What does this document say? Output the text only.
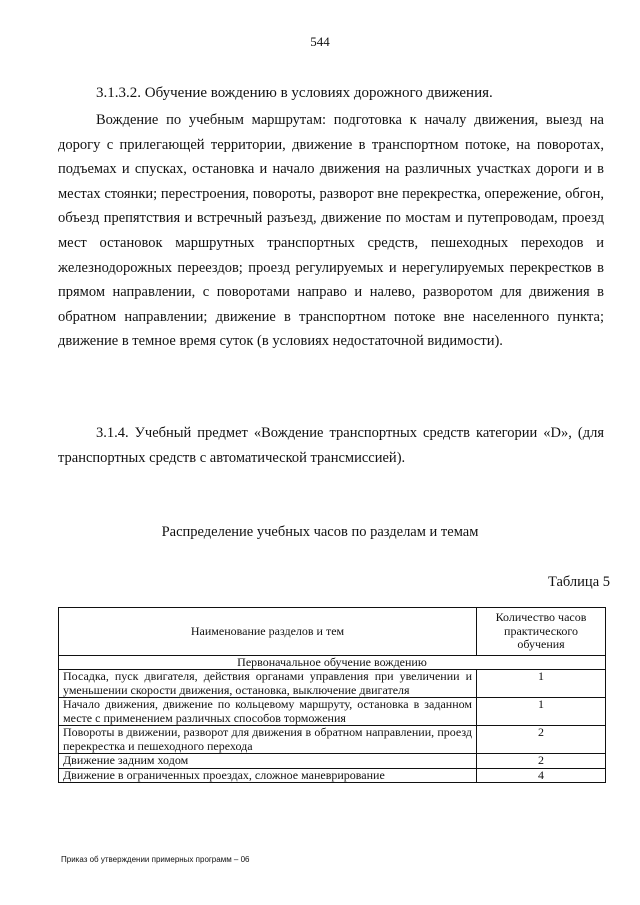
544
3.1.3.2. Обучение вождению в условиях дорожного движения.

Вождение по учебным маршрутам: подготовка к началу движения, выезд на дорогу с прилегающей территории, движение в транспортном потоке, на поворотах, подъемах и спусках, остановка и начало движения на различных участках дороги и в местах стоянки; перестроения, повороты, разворот вне перекрестка, опережение, обгон, объезд препятствия и встречный разъезд, движение по мостам и путепроводам, проезд мест остановок маршрутных транспортных средств, пешеходных переходов и железнодорожных переездов; проезд регулируемых и нерегулируемых перекрестков в прямом направлении, с поворотами направо и налево, разворотом для движения в обратном направлении; движение в транспортном потоке вне населенного пункта; движение в темное время суток (в условиях недостаточной видимости).

3.1.4. Учебный предмет «Вождение транспортных средств категории «D», (для транспортных средств с автоматической трансмиссией).

Распределение учебных часов по разделам и темам
Таблица 5
Наименование разделов и тем	Количество часов практического обучения
Первоначальное обучение вождению	
Посадка, пуск двигателя, действия органами управления при увеличении и уменьшении скорости движения, остановка, выключение двигателя	1
Начало движения, движение по кольцевому маршруту, остановка в заданном месте с применением различных способов торможения	1
Повороты в движении, разворот для движения в обратном направлении, проезд перекрестка и пешеходного перехода	2
Движение задним ходом	2
Движение в ограниченных проездах, сложное маневрирование	4
Приказ об утверждении примерных программ – 06
